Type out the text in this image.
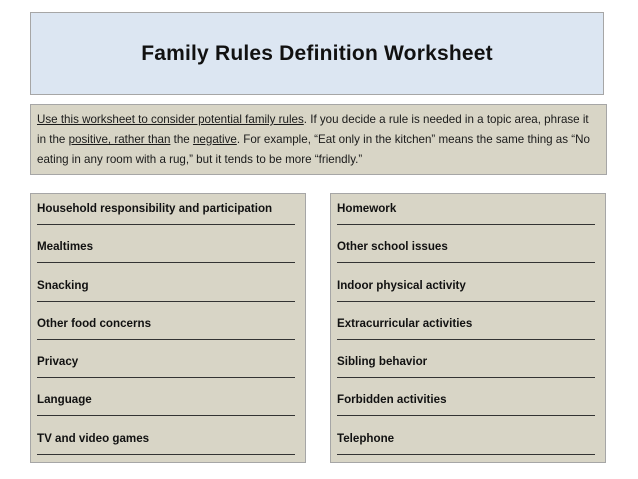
Family Rules Definition Worksheet
Use this worksheet to consider potential family rules. If you decide a rule is needed in a topic area, phrase it in the positive, rather than the negative. For example, “Eat only in the kitchen” means the same thing as “No eating in any room with a rug,” but it tends to be more “friendly.”
Household responsibility and participation
Mealtimes
Snacking
Other food concerns
Privacy
Language
TV and video games
Homework
Other school issues
Indoor physical activity
Extracurricular activities
Sibling behavior
Forbidden activities
Telephone
